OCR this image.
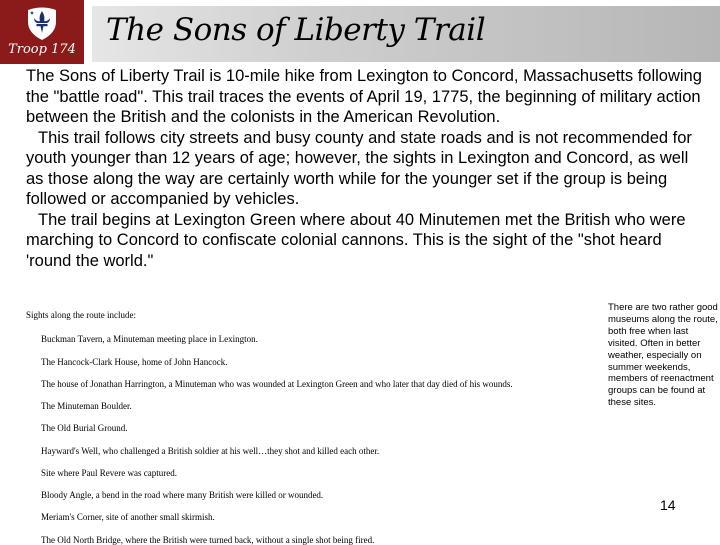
Troop 174
The Sons of Liberty Trail

The Sons of Liberty Trail is 10-mile hike from Lexington to Concord, Massachusetts following the "battle road". This trail traces the events of April 19, 1775, the beginning of military action between the British and the colonists in the American Revolution.

This trail follows city streets and busy county and state roads and is not recommended for youth younger than 12 years of age; however, the sights in Lexington and Concord, as well as those along the way are certainly worth while for the younger set if the group is being followed or accompanied by vehicles.

The trail begins at Lexington Green where about 40 Minutemen met the British who were marching to Concord to confiscate colonial cannons. This is the sight of the "shot heard 'round the world."

Sights along the route include:
Buckman Tavern, a Minuteman meeting place in Lexington.
The Hancock-Clark House, home of John Hancock.
The house of Jonathan Harrington, a Minuteman who was wounded at Lexington Green and who later that day died of his wounds.
The Minuteman Boulder.
The Old Burial Ground.
Hayward's Well, who challenged a British soldier at his well…they shot and killed each other.
Site where Paul Revere was captured.
Bloody Angle, a bend in the road where many British were killed or wounded.
Meriam's Corner, site of another small skirmish.
The Old North Bridge, where the British were turned back, without a single shot being fired.

There are two rather good museums along the route, both free when last visited. Often in better weather, especially on summer weekends, members of reenactment groups can be found at these sites.

14
